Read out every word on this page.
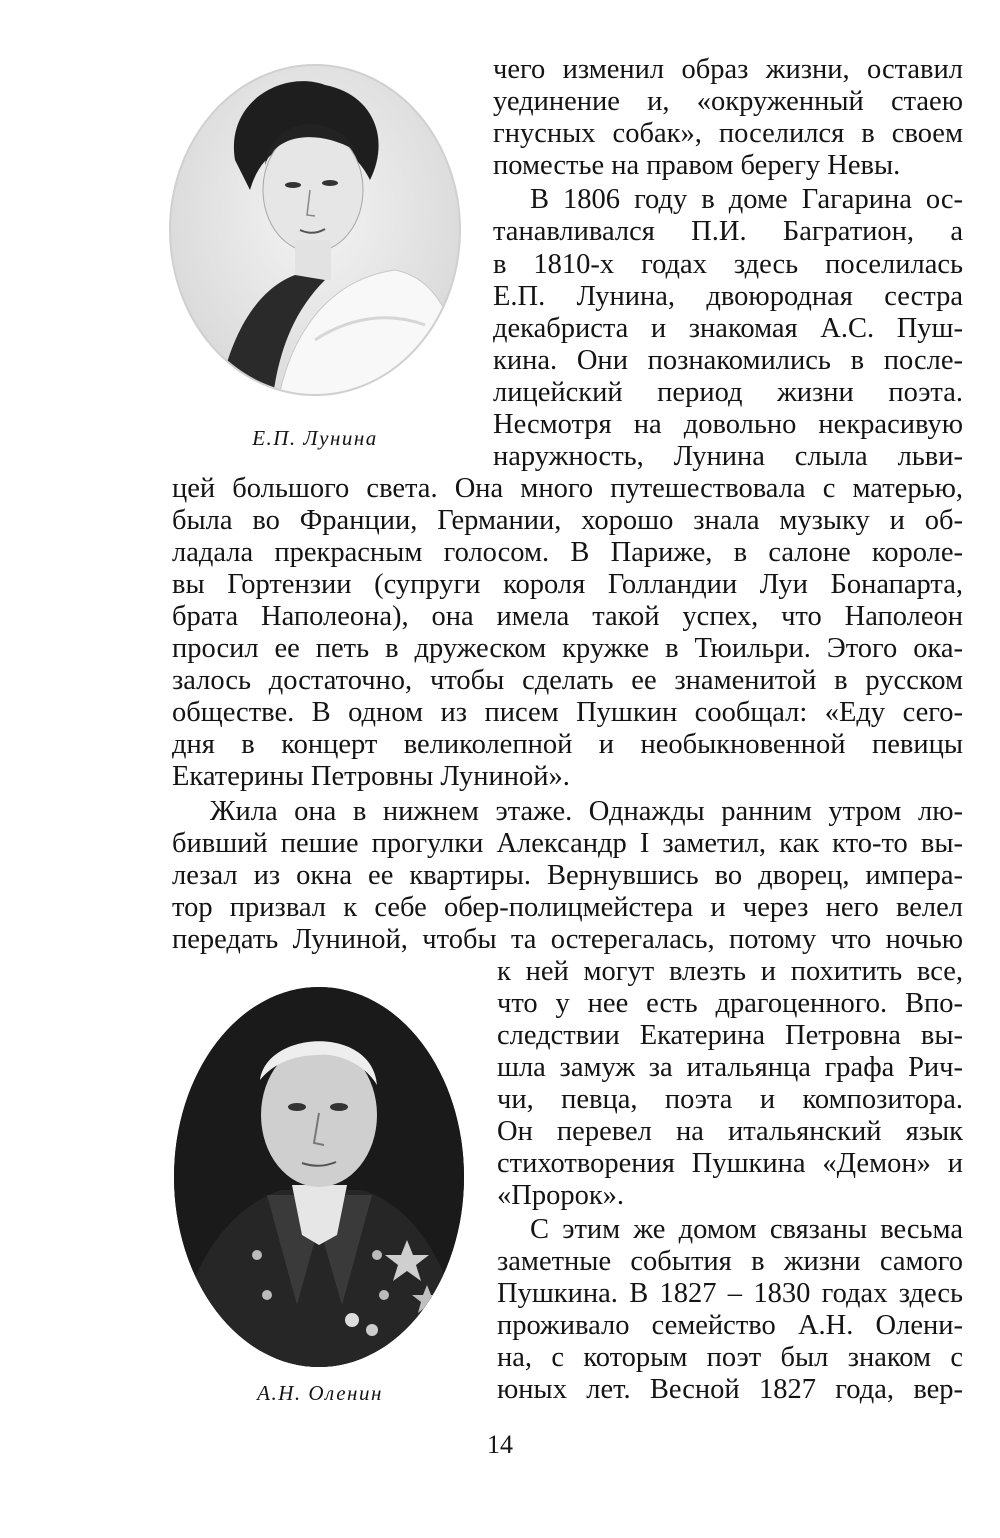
Е.П. Лунина
А.Н. Оленин
чего изменил образ жизни, оставил
уединение и, «окруженный стаею
гнусных собак», поселился в своем
поместье на правом берегу Невы.
В 1806 году в доме Гагарина ос-
танавливался П.И. Багратион, а
в 1810-х годах здесь поселилась
Е.П. Лунина, двоюродная сестра
декабриста и знакомая А.С. Пуш-
кина. Они познакомились в после-
лицейский период жизни поэта.
Несмотря на довольно некрасивую
наружность, Лунина слыла льви-
цей большого света. Она много путешествовала с матерью,
была во Франции, Германии, хорошо знала музыку и об-
ладала прекрасным голосом. В Париже, в салоне короле-
вы Гортензии (супруги короля Голландии Луи Бонапарта,
брата Наполеона), она имела такой успех, что Наполеон
просил ее петь в дружеском кружке в Тюильри. Этого ока-
залось достаточно, чтобы сделать ее знаменитой в русском
обществе. В одном из писем Пушкин сообщал: «Еду сего-
дня в концерт великолепной и необыкновенной певицы
Екатерины Петровны Луниной».
Жила она в нижнем этаже. Однажды ранним утром лю-
бивший пешие прогулки Александр I заметил, как кто-то вы-
лезал из окна ее квартиры. Вернувшись во дворец, импера-
тор призвал к себе обер-полицмейстера и через него велел
передать Луниной, чтобы та остерегалась, потому что ночью
к ней могут влезть и похитить все,
что у нее есть драгоценного. Впо-
следствии Екатерина Петровна вы-
шла замуж за итальянца графа Рич-
чи, певца, поэта и композитора.
Он перевел на итальянский язык
стихотворения Пушкина «Демон» и
«Пророк».
С этим же домом связаны весьма
заметные события в жизни самого
Пушкина. В 1827 – 1830 годах здесь
проживало семейство А.Н. Олени-
на, с которым поэт был знаком с
юных лет. Весной 1827 года, вер-
14
